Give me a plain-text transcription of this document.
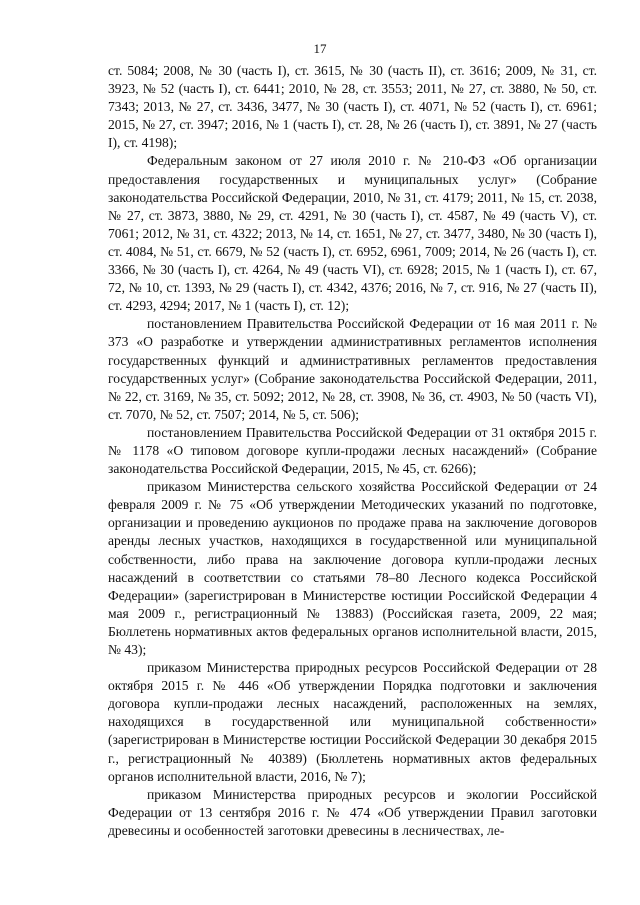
17

ст. 5084; 2008, № 30 (часть I), ст. 3615, № 30 (часть II), ст. 3616; 2009, № 31, ст. 3923, № 52 (часть I), ст. 6441; 2010, № 28, ст. 3553; 2011, № 27, ст. 3880, № 50, ст. 7343; 2013, № 27, ст. 3436, 3477, № 30 (часть I), ст. 4071, № 52 (часть I), ст. 6961; 2015, № 27, ст. 3947; 2016, № 1 (часть I), ст. 28, № 26 (часть I), ст. 3891, № 27 (часть I), ст. 4198);

Федеральным законом от 27 июля 2010 г. № 210-ФЗ «Об организации предоставления государственных и муниципальных услуг» (Собрание законодательства Российской Федерации, 2010, № 31, ст. 4179; 2011, № 15, ст. 2038, № 27, ст. 3873, 3880, № 29, ст. 4291, № 30 (часть I), ст. 4587, № 49 (часть V), ст. 7061; 2012, № 31, ст. 4322; 2013, № 14, ст. 1651, № 27, ст. 3477, 3480, № 30 (часть I), ст. 4084, № 51, ст. 6679, № 52 (часть I), ст. 6952, 6961, 7009; 2014, № 26 (часть I), ст. 3366, № 30 (часть I), ст. 4264, № 49 (часть VI), ст. 6928; 2015, № 1 (часть I), ст. 67, 72, № 10, ст. 1393, № 29 (часть I), ст. 4342, 4376; 2016, № 7, ст. 916, № 27 (часть II), ст. 4293, 4294; 2017, № 1 (часть I), ст. 12);

постановлением Правительства Российской Федерации от 16 мая 2011 г. № 373 «О разработке и утверждении административных регламентов исполнения государственных функций и административных регламентов предоставления государственных услуг» (Собрание законодательства Российской Федерации, 2011, № 22, ст. 3169, № 35, ст. 5092; 2012, № 28, ст. 3908, № 36, ст. 4903, № 50 (часть VI), ст. 7070, № 52, ст. 7507; 2014, № 5, ст. 506);

постановлением Правительства Российской Федерации от 31 октября 2015 г. № 1178 «О типовом договоре купли-продажи лесных насаждений» (Собрание законодательства Российской Федерации, 2015, № 45, ст. 6266);

приказом Министерства сельского хозяйства Российской Федерации от 24 февраля 2009 г. № 75 «Об утверждении Методических указаний по подготовке, организации и проведению аукционов по продаже права на заключение договоров аренды лесных участков, находящихся в государственной или муниципальной собственности, либо права на заключение договора купли-продажи лесных насаждений в соответствии со статьями 78–80 Лесного кодекса Российской Федерации» (зарегистрирован в Министерстве юстиции Российской Федерации 4 мая 2009 г., регистрационный № 13883) (Российская газета, 2009, 22 мая; Бюллетень нормативных актов федеральных органов исполнительной власти, 2015, № 43);

приказом Министерства природных ресурсов Российской Федерации от 28 октября 2015 г. № 446 «Об утверждении Порядка подготовки и заключения договора купли-продажи лесных насаждений, расположенных на землях, находящихся в государственной или муниципальной собственности» (зарегистрирован в Министерстве юстиции Российской Федерации 30 декабря 2015 г., регистрационный № 40389) (Бюллетень нормативных актов федеральных органов исполнительной власти, 2016, № 7);

приказом Министерства природных ресурсов и экологии Российской Федерации от 13 сентября 2016 г. № 474 «Об утверждении Правил заготовки древесины и особенностей заготовки древесины в лесничествах, ле-
